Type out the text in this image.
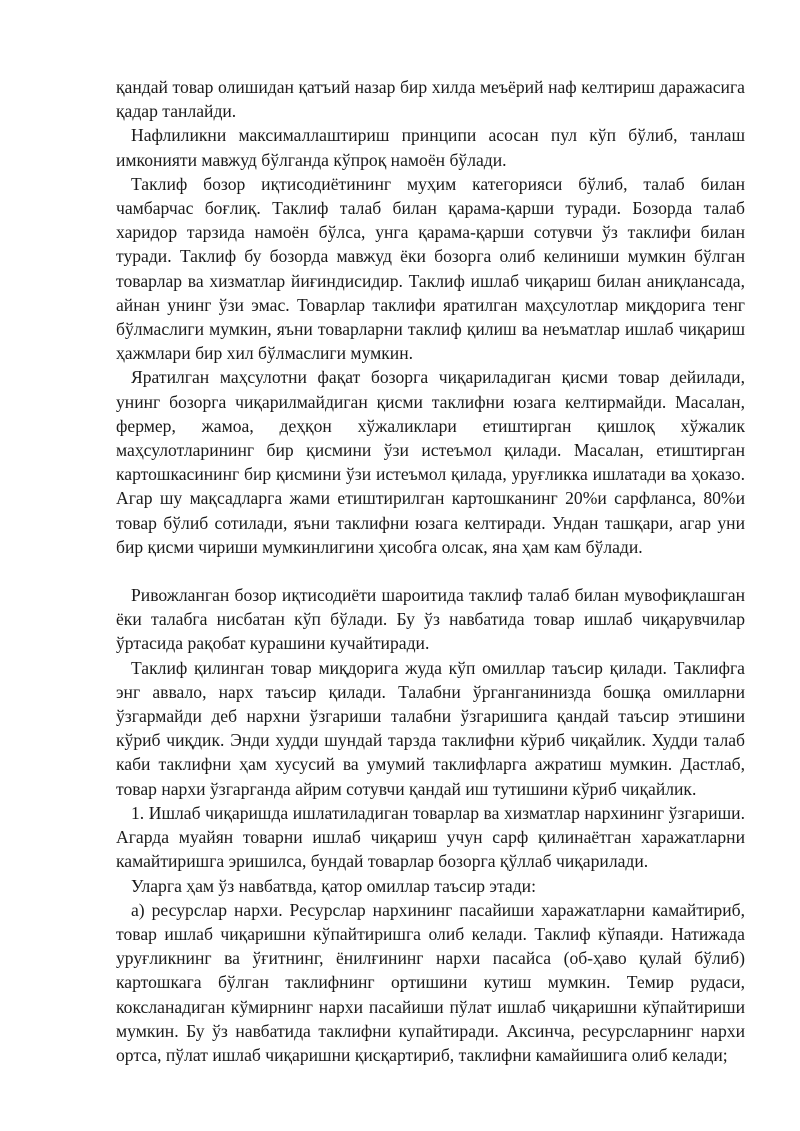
қандай товар олишидан қатъий назар бир хилда меъёрий наф келтириш даражасига қадар танлайди.

Нафлиликни максималлаштириш принципи асосан пул кўп бўлиб, танлаш имконияти мавжуд бўлганда кўпроқ намоён бўлади.

Таклиф бозор иқтисодиётининг муҳим категорияси бўлиб, талаб билан чамбарчас боғлиқ. Таклиф талаб билан қарама-қарши туради. Бозорда талаб харидор тарзида намоён бўлса, унга қарама-қарши сотувчи ўз таклифи билан туради. Таклиф бу бозорда мавжуд ёки бозорга олиб келиниши мумкин бўлган товарлар ва хизматлар йиғиндисидир. Таклиф ишлаб чиқариш билан аниқлансада, айнан унинг ўзи эмас. Товарлар таклифи яратилган маҳсулотлар миқдорига тенг бўлмаслиги мумкин, яъни товарларни таклиф қилиш ва неъматлар ишлаб чиқариш ҳажмлари бир хил бўлмаслиги мумкин.

Яратилган маҳсулотни фақат бозорга чиқариладиган қисми товар дейилади, унинг бозорга чиқарилмайдиган қисми таклифни юзага келтирмайди. Масалан, фермер, жамоа, деҳқон хўжаликлари етиштирган қишлоқ хўжалик маҳсулотларининг бир қисмини ўзи истеъмол қилади. Масалан, етиштирган картошкасининг бир қисмини ўзи истеъмол қилада, уруғликка ишлатади ва ҳоказо. Агар шу мақсадларга жами етиштирилган картошканинг 20%и сарфланса, 80%и товар бўлиб сотилади, яъни таклифни юзага келтиради. Ундан ташқари, агар уни бир қисми чириши мумкинлигини ҳисобга олсак, яна ҳам кам бўлади.

Ривожланган бозор иқтисодиёти шароитида таклиф талаб билан мувофиқлашган ёки талабга нисбатан кўп бўлади. Бу ўз навбатида товар ишлаб чиқарувчилар ўртасида рақобат курашини кучайтиради.

Таклиф қилинган товар миқдорига жуда кўп омиллар таъсир қилади. Таклифга энг аввало, нарх таъсир қилади. Талабни ўрганганинизда бошқа омилларни ўзгармайди деб нархни ўзгариши талабни ўзгаришига қандай таъсир этишини кўриб чиқдик. Энди худди шундай тарзда таклифни кўриб чиқайлик. Худди талаб каби таклифни ҳам хусусий ва умумий таклифларга ажратиш мумкин. Дастлаб, товар нархи ўзгарганда айрим сотувчи қандай иш тутишини кўриб чиқайлик.

1. Ишлаб чиқаришда ишлатиладиган товарлар ва хизматлар нархининг ўзгариши. Агарда муайян товарни ишлаб чиқариш учун сарф қилинаётган харажатларни камайтиришга эришилса, бундай товарлар бозорга қўллаб чиқарилади.

Уларга ҳам ўз навбатвда, қатор омиллар таъсир этади:

а) ресурслар нархи. Ресурслар нархининг пасайиши харажатларни камайтириб, товар ишлаб чиқаришни кўпайтиришга олиб келади. Таклиф кўпаяди. Натижада уруғликнинг ва ўғитнинг, ёнилғининг нархи пасайса (об-ҳаво қулай бўлиб) картошкага бўлган таклифнинг ортишини кутиш мумкин. Темир рудаси, коксланадиган кўмирнинг нархи пасайиши пўлат ишлаб чиқаришни кўпайтириши мумкин. Бу ўз навбатида таклифни купайтиради. Аксинча, ресурсларнинг нархи ортса, пўлат ишлаб чиқаришни қисқартириб, таклифни камайишига олиб келади;
